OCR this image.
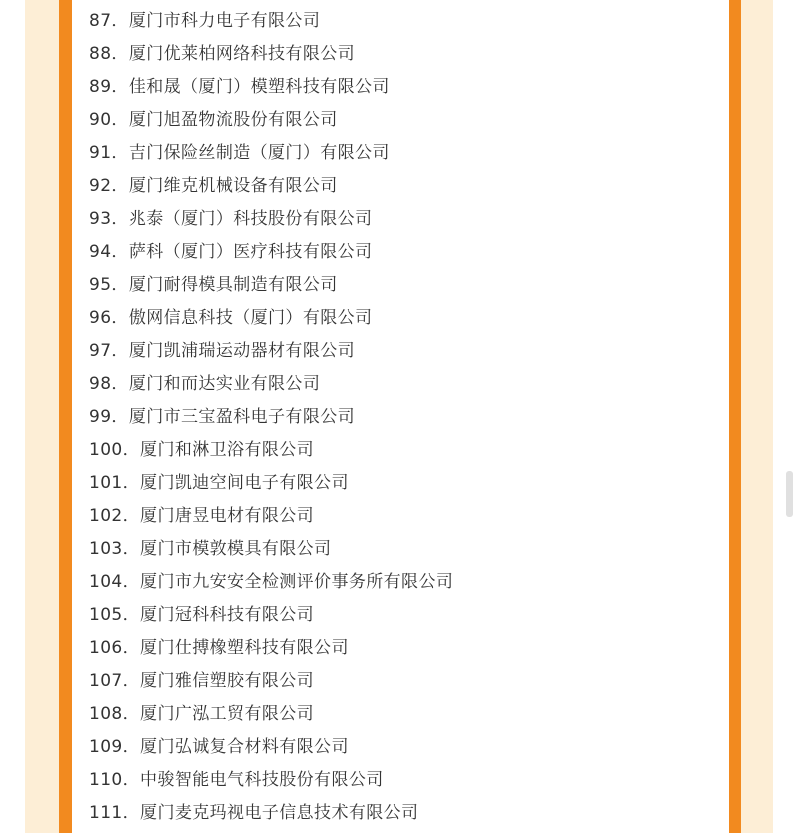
87．厦门市科力电子有限公司
88．厦门优莱柏网络科技有限公司
89．佳和晟（厦门）模塑科技有限公司
90．厦门旭盈物流股份有限公司
91．吉门保险丝制造（厦门）有限公司
92．厦门维克机械设备有限公司
93．兆泰（厦门）科技股份有限公司
94．萨科（厦门）医疗科技有限公司
95．厦门耐得模具制造有限公司
96．傲网信息科技（厦门）有限公司
97．厦门凯浦瑞运动器材有限公司
98．厦门和而达实业有限公司
99．厦门市三宝盈科电子有限公司
100．厦门和淋卫浴有限公司
101．厦门凯迪空间电子有限公司
102．厦门唐昱电材有限公司
103．厦门市模敦模具有限公司
104．厦门市九安安全检测评价事务所有限公司
105．厦门冠科科技有限公司
106．厦门仕搏橡塑科技有限公司
107．厦门雅信塑胶有限公司
108．厦门广泓工贸有限公司
109．厦门弘诚复合材料有限公司
110．中骏智能电气科技股份有限公司
111．厦门麦克玛视电子信息技术有限公司
